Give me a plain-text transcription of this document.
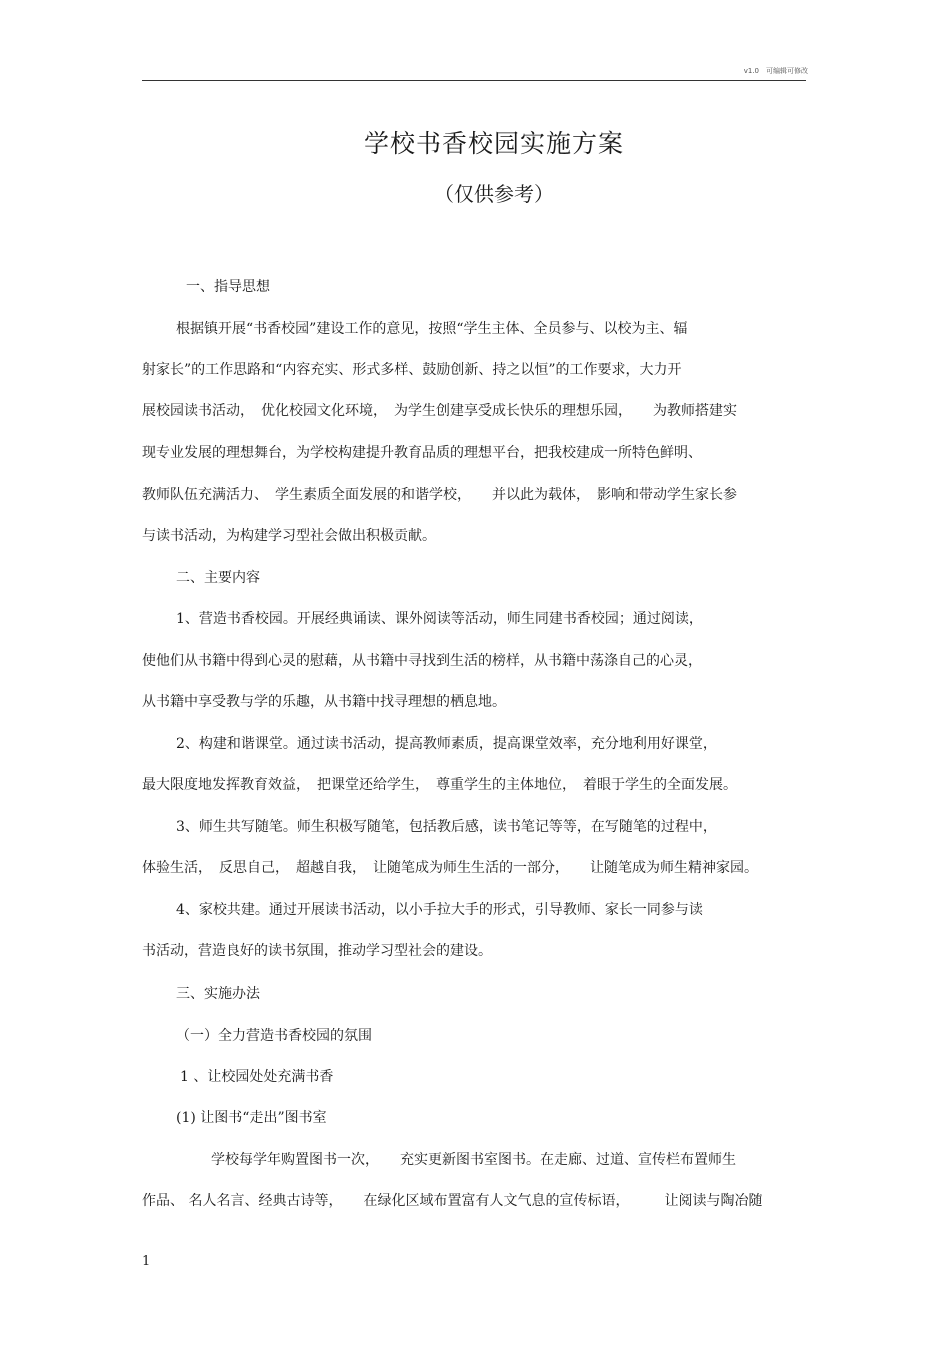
v1.0　可编辑可修改
学校书香校园实施方案
（仅供参考）
一、指导思想
根据镇开展“书香校园”建设工作的意见，按照“学生主体、全员参与、以校为主、辐
射家长”的工作思路和“内容充实、形式多样、鼓励创新、持之以恒”的工作要求，大力开
展校园读书活动，　优化校园文化环境，　为学生创建享受成长快乐的理想乐园，　　为教师搭建实
现专业发展的理想舞台，为学校构建提升教育品质的理想平台，把我校建成一所特色鲜明、
教师队伍充满活力、　学生素质全面发展的和谐学校，　　并以此为载体，　影响和带动学生家长参
与读书活动，为构建学习型社会做出积极贡献。
二、主要内容
1、营造书香校园。开展经典诵读、课外阅读等活动，师生同建书香校园；通过阅读，
使他们从书籍中得到心灵的慰藉，从书籍中寻找到生活的榜样，从书籍中荡涤自己的心灵，
从书籍中享受教与学的乐趣，从书籍中找寻理想的栖息地。
2、构建和谐课堂。通过读书活动，提高教师素质，提高课堂效率，充分地利用好课堂，
最大限度地发挥教育效益，　把课堂还给学生，　尊重学生的主体地位，　着眼于学生的全面发展。
3、师生共写随笔。师生积极写随笔，包括教后感，读书笔记等等，在写随笔的过程中，
体验生活，　反思自己，　超越自我，　让随笔成为师生生活的一部分，　　让随笔成为师生精神家园。
4、家校共建。通过开展读书活动，以小手拉大手的形式，引导教师、家长一同参与读
书活动，营造良好的读书氛围，推动学习型社会的建设。
三、实施办法
（一）全力营造书香校园的氛围
1 、让校园处处充满书香
(1) 让图书“走出”图书室
学校每学年购置图书一次，　　充实更新图书室图书。在走廊、过道、宣传栏布置师生
作品、 名人名言、经典古诗等，　　在绿化区域布置富有人文气息的宣传标语，　　　让阅读与陶冶随
1
